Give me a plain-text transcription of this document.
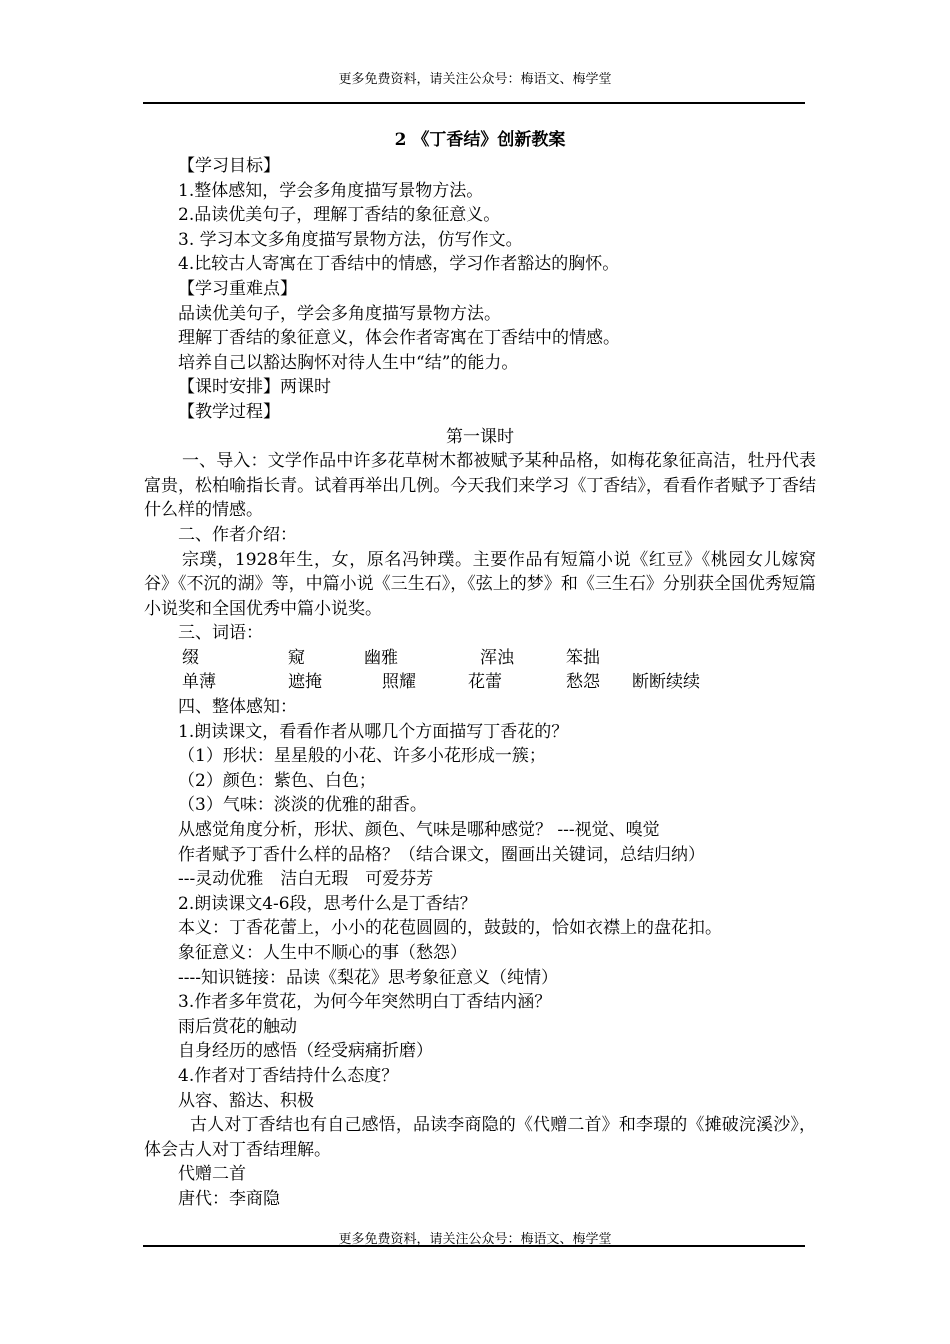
更多免费资料，请关注公众号：梅语文、梅学堂
2 《丁香结》创新教案
【学习目标】
1.整体感知，学会多角度描写景物方法。
2.品读优美句子，理解丁香结的象征意义。
3. 学习本文多角度描写景物方法，仿写作文。
4.比较古人寄寓在丁香结中的情感，学习作者豁达的胸怀。
【学习重难点】
品读优美句子，学会多角度描写景物方法。
理解丁香结的象征意义，体会作者寄寓在丁香结中的情感。
培养自己以豁达胸怀对待人生中“结”的能力。
【课时安排】两课时
【教学过程】
第一课时
一、导入：文学作品中许多花草树木都被赋予某种品格，如梅花象征高洁，牡丹代表富贵，松柏喻指长青。试着再举出几例。今天我们来学习《丁香结》，看看作者赋予丁香结什么样的情感。
二、作者介绍：
宗璞，1928年生，女，原名冯钟璞。主要作品有短篇小说《红豆》《桃园女儿嫁窝谷》《不沉的湖》等，中篇小说《三生石》，《弦上的梦》和《三生石》分别获全国优秀短篇小说奖和全国优秀中篇小说奖。
三、词语：
缀	窥	幽雅	浑浊	笨拙
单薄	遮掩	照耀	花蕾	愁怨	断断续续
四、整体感知：
1.朗读课文，看看作者从哪几个方面描写丁香花的？
（1）形状：星星般的小花、许多小花形成一簇；
（2）颜色：紫色、白色；
（3）气味：淡淡的优雅的甜香。
从感觉角度分析，形状、颜色、气味是哪种感觉？ ---视觉、嗅觉
作者赋予丁香什么样的品格？（结合课文，圈画出关键词，总结归纳）
---灵动优雅　洁白无瑕　可爱芬芳
2.朗读课文4-6段，思考什么是丁香结？
本义：丁香花蕾上，小小的花苞圆圆的，鼓鼓的，恰如衣襟上的盘花扣。
象征意义：人生中不顺心的事（愁怨）
----知识链接：品读《梨花》思考象征意义（纯情）
3.作者多年赏花，为何今年突然明白丁香结内涵？
雨后赏花的触动
自身经历的感悟（经受病痛折磨）
4.作者对丁香结持什么态度？
从容、豁达、积极
古人对丁香结也有自己感悟，品读李商隐的《代赠二首》和李璟的《摊破浣溪沙》，体会古人对丁香结理解。
代赠二首
唐代：李商隐
更多免费资料，请关注公众号：梅语文、梅学堂
